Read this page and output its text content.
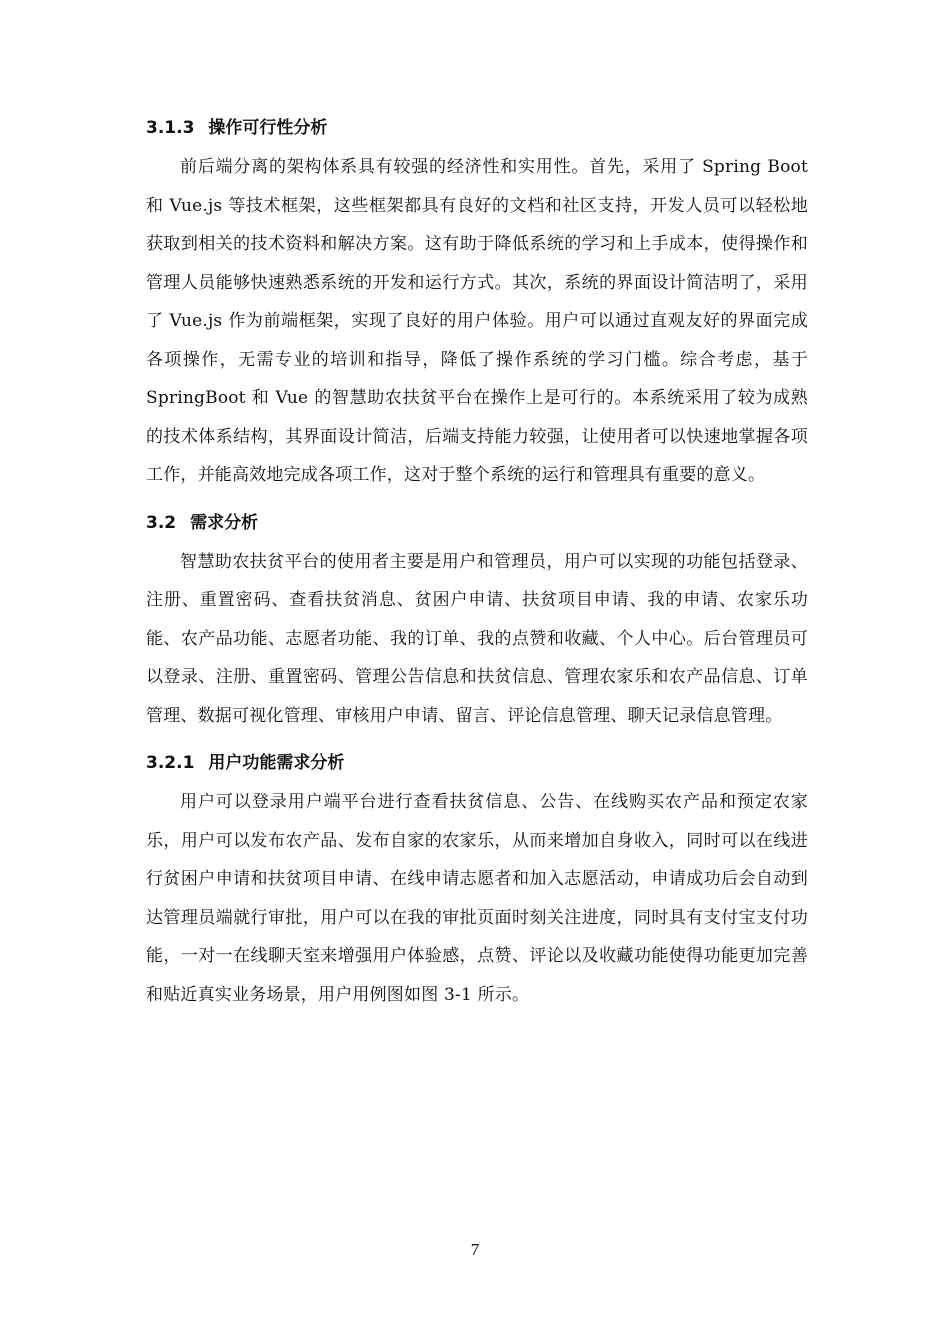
3.1.3 操作可行性分析

前后端分离的架构体系具有较强的经济性和实用性。首先，采用了 Spring Boot 和 Vue.js 等技术框架，这些框架都具有良好的文档和社区支持，开发人员可以轻松地获取到相关的技术资料和解决方案。这有助于降低系统的学习和上手成本，使得操作和管理人员能够快速熟悉系统的开发和运行方式。其次，系统的界面设计简洁明了，采用了 Vue.js 作为前端框架，实现了良好的用户体验。用户可以通过直观友好的界面完成各项操作，无需专业的培训和指导，降低了操作系统的学习门槛。综合考虑，基于 SpringBoot 和 Vue 的智慧助农扶贫平台在操作上是可行的。本系统采用了较为成熟的技术体系结构，其界面设计简洁，后端支持能力较强，让使用者可以快速地掌握各项工作，并能高效地完成各项工作，这对于整个系统的运行和管理具有重要的意义。

3.2 需求分析

智慧助农扶贫平台的使用者主要是用户和管理员，用户可以实现的功能包括登录、注册、重置密码、查看扶贫消息、贫困户申请、扶贫项目申请、我的申请、农家乐功能、农产品功能、志愿者功能、我的订单、我的点赞和收藏、个人中心。后台管理员可以登录、注册、重置密码、管理公告信息和扶贫信息、管理农家乐和农产品信息、订单管理、数据可视化管理、审核用户申请、留言、评论信息管理、聊天记录信息管理。

3.2.1 用户功能需求分析

用户可以登录用户端平台进行查看扶贫信息、公告、在线购买农产品和预定农家乐，用户可以发布农产品、发布自家的农家乐，从而来增加自身收入，同时可以在线进行贫困户申请和扶贫项目申请、在线申请志愿者和加入志愿活动，申请成功后会自动到达管理员端就行审批，用户可以在我的审批页面时刻关注进度，同时具有支付宝支付功能，一对一在线聊天室来增强用户体验感，点赞、评论以及收藏功能使得功能更加完善和贴近真实业务场景，用户用例图如图 3-1 所示。

7
